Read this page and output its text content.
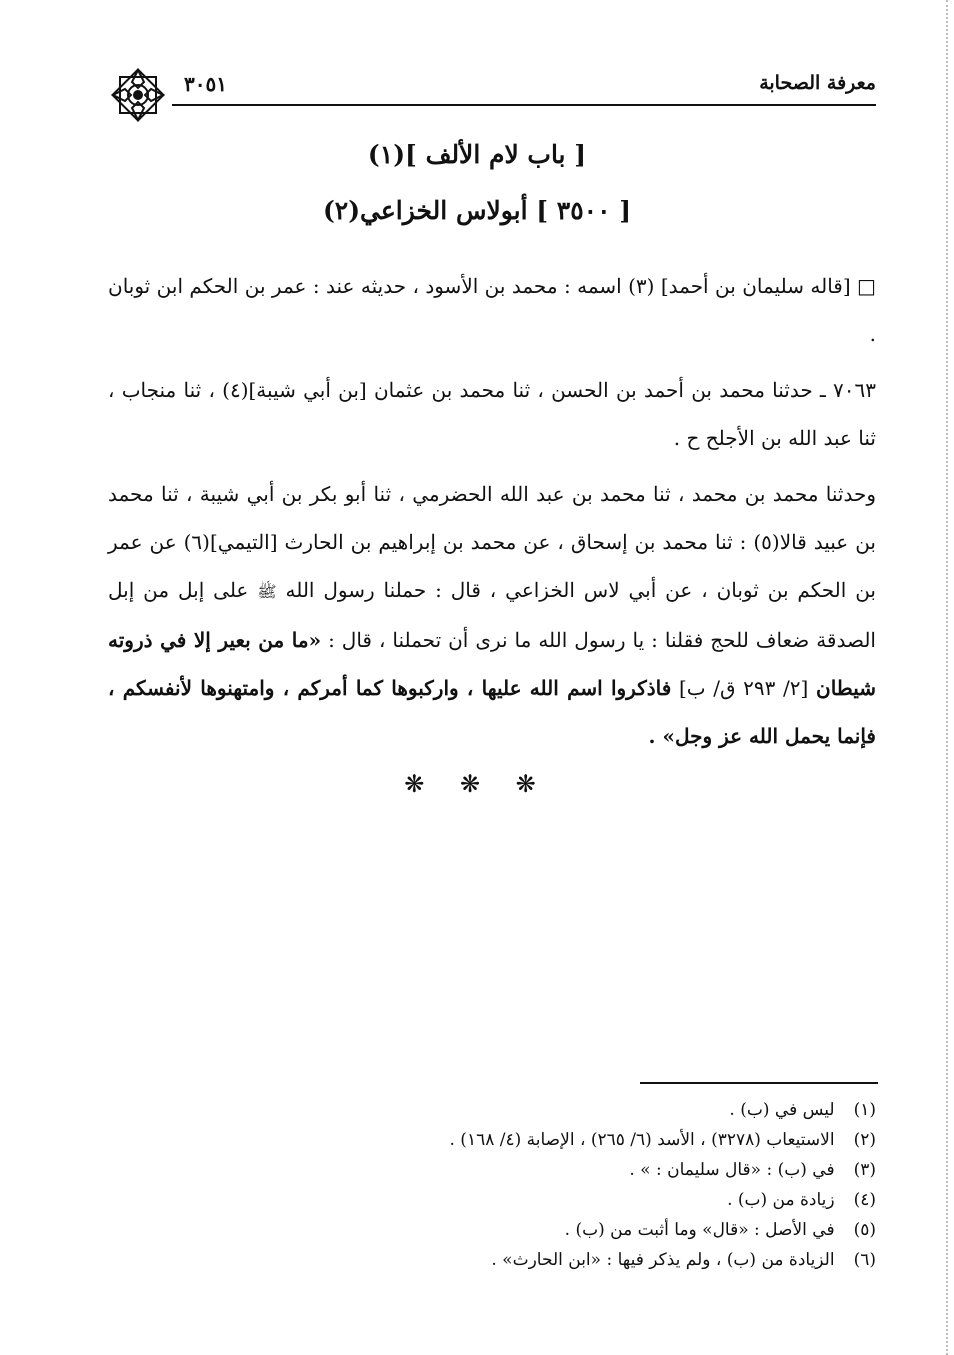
معرفة الصحابة
٣٠٥١
[ باب لام الألف ](١)
[ ٣٥٠٠ ] أبولاس الخزاعي(٢)

□ [قاله سليمان بن أحمد] (٣) اسمه : محمد بن الأسود ، حديثه عند : عمر بن الحكم ابن ثوبان .

٧٠٦٣ ـ حدثنا محمد بن أحمد بن الحسن ، ثنا محمد بن عثمان [بن أبي شيبة](٤) ، ثنا منجاب ، ثنا عبد الله بن الأجلح ح .

وحدثنا محمد بن محمد ، ثنا محمد بن عبد الله الحضرمي ، ثنا أبو بكر بن أبي شيبة ، ثنا محمد بن عبيد قالا(٥) : ثنا محمد بن إسحاق ، عن محمد بن إبراهيم بن الحارث [التيمي](٦) عن عمر بن الحكم بن ثوبان ، عن أبي لاس الخزاعي ، قال : حملنا رسول الله ﷺ على إبل من إبل الصدقة ضعاف للحج فقلنا : يا رسول الله ما نرى أن تحملنا ، قال : «ما من بعير إلا في ذروته شيطان [٢/ ٢٩٣ ق/ ب] فاذكروا اسم الله عليها ، واركبوها كما أمركم ، وامتهنوها لأنفسكم ، فإنما يحمل الله عز وجل» .

❋ ❋ ❋
(١) ليس في (ب) .
(٢) الاستيعاب (٣٢٧٨) ، الأسد (٦/ ٢٦٥) ، الإصابة (٤/ ١٦٨) .
(٣) في (ب) : «قال سليمان : » .
(٤) زيادة من (ب) .
(٥) في الأصل : «قال» وما أثبت من (ب) .
(٦) الزيادة من (ب) ، ولم يذكر فيها : «ابن الحارث» .
